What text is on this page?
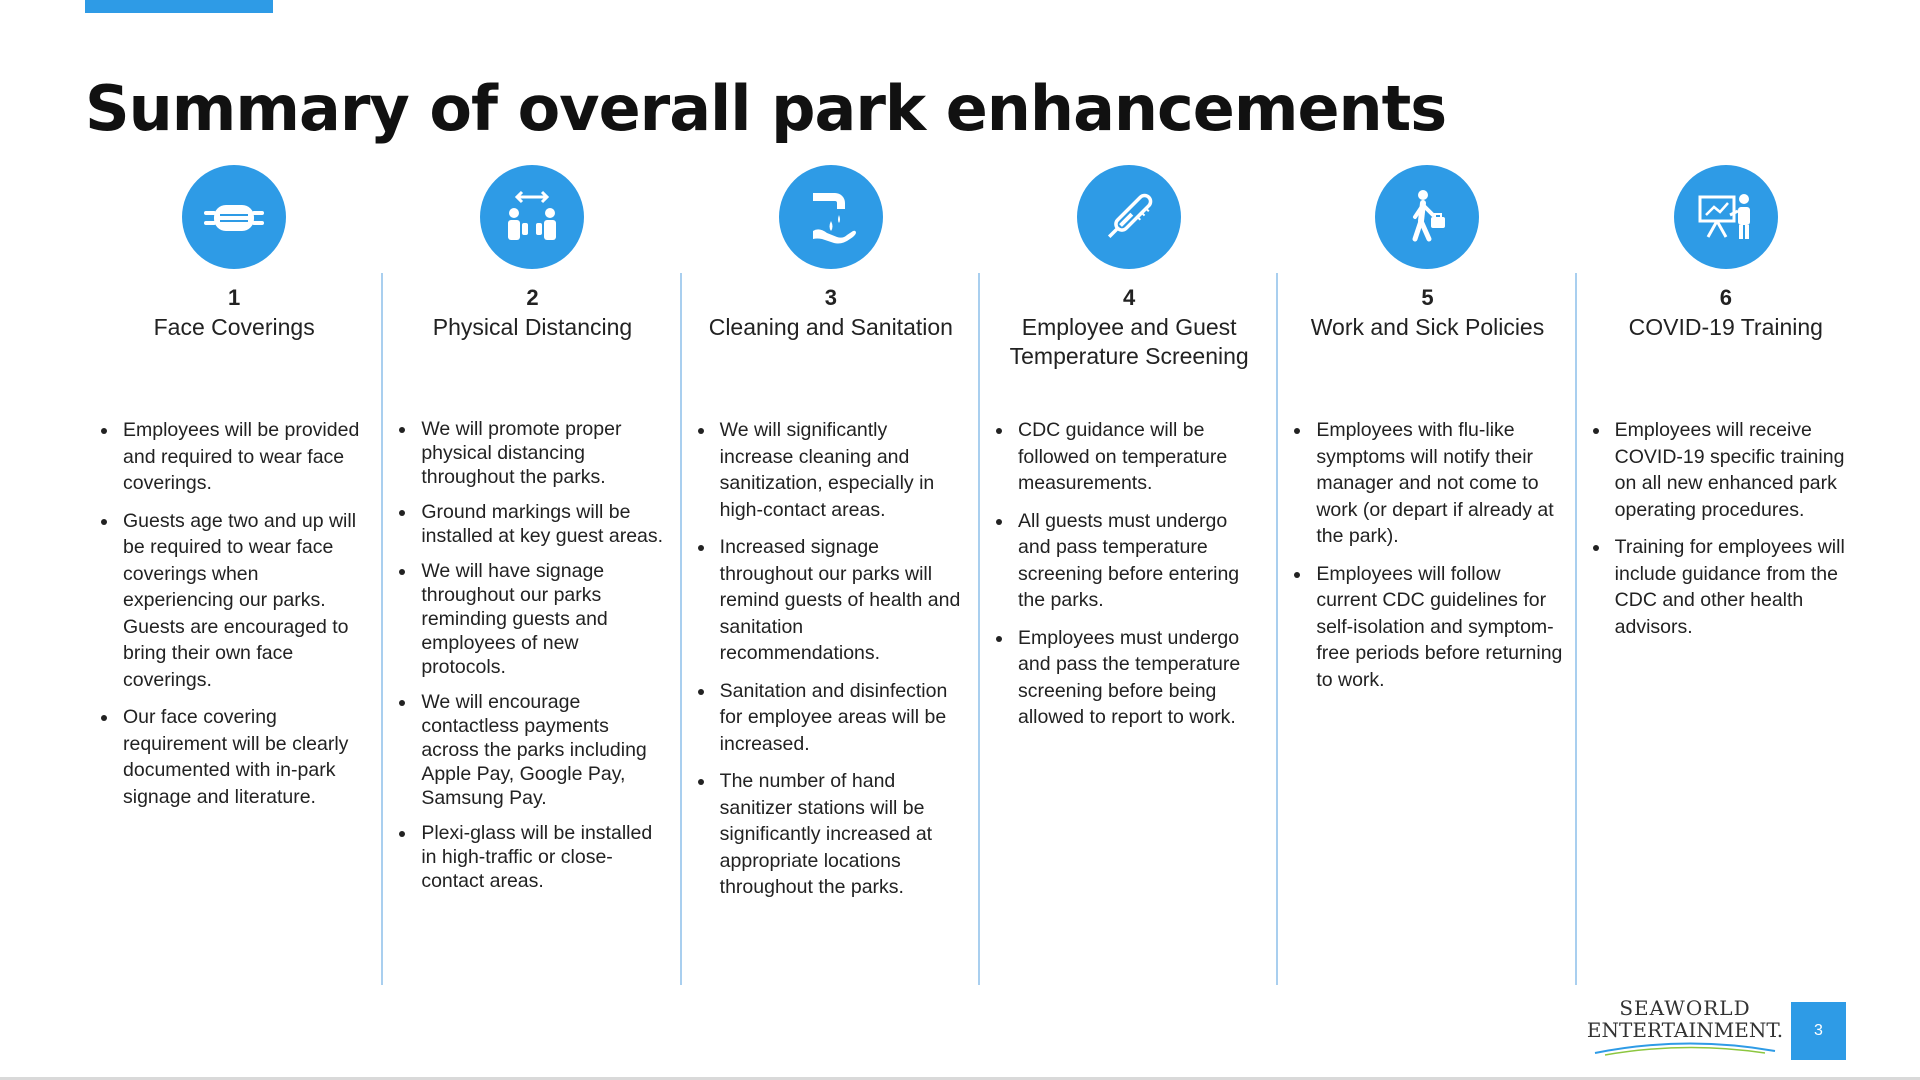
Summary of overall park enhancements
1
Face Coverings
• Employees will be provided and required to wear face coverings.
• Guests age two and up will be required to wear face coverings when experiencing our parks. Guests are encouraged to bring their own face coverings.
• Our face covering requirement will be clearly documented with in-park signage and literature.
2
Physical Distancing
• We will promote proper physical distancing throughout the parks.
• Ground markings will be installed at key guest areas.
• We will have signage throughout our parks reminding guests and employees of new protocols.
• We will encourage contactless payments across the parks including Apple Pay, Google Pay, Samsung Pay.
• Plexi-glass will be installed in high-traffic or close-contact areas.
3
Cleaning and Sanitation
• We will significantly increase cleaning and sanitization, especially in high-contact areas.
• Increased signage throughout our parks will remind guests of health and sanitation recommendations.
• Sanitation and disinfection for employee areas will be increased.
• The number of hand sanitizer stations will be significantly increased at appropriate locations throughout the parks.
4
Employee and Guest Temperature Screening
• CDC guidance will be followed on temperature measurements.
• All guests must undergo and pass temperature screening before entering the parks.
• Employees must undergo and pass the temperature screening before being allowed to report to work.
5
Work and Sick Policies
• Employees with flu-like symptoms will notify their manager and not come to work (or depart if already at the park).
• Employees will follow current CDC guidelines for self-isolation and symptom-free periods before returning to work.
6
COVID-19 Training
• Employees will receive COVID-19 specific training on all new enhanced park operating procedures.
• Training for employees will include guidance from the CDC and other health advisors.
SEAWORLD
ENTERTAINMENT.	3
